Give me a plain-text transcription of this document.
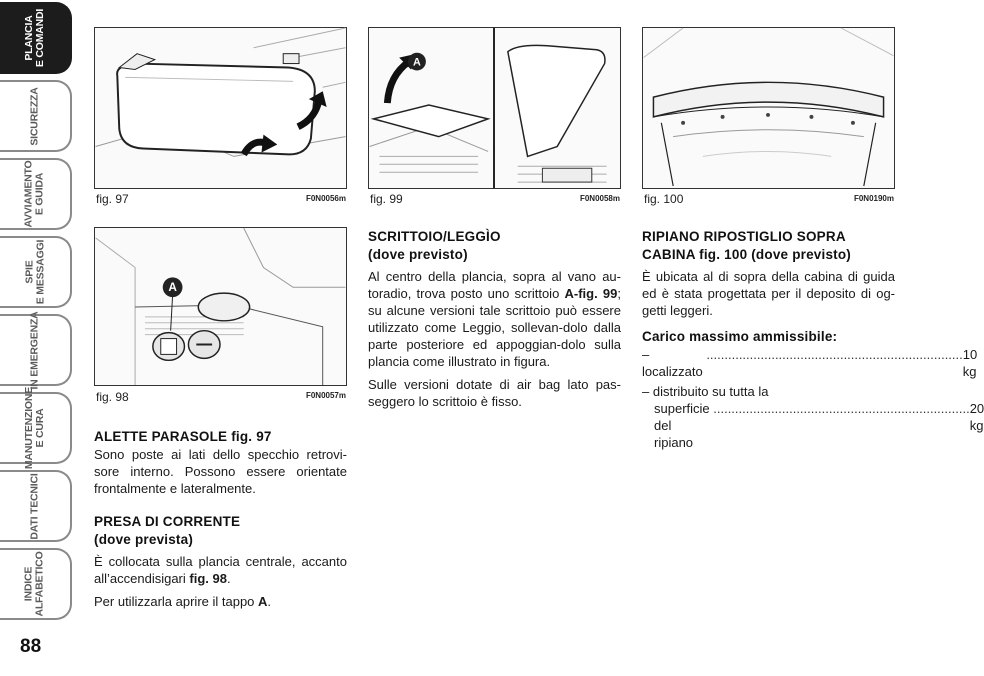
PLANCIA
E COMANDI
SICUREZZA
AVVIAMENTO
E GUIDA
SPIE
E MESSAGGI
IN EMERGENZA
MANUTENZIONE
E CURA
DATI TECNICI
INDICE
ALFABETICO
88
fig. 97	F0N0056m
A
fig. 98	F0N0057m
A
fig. 99	F0N0058m fig. 100	F0N0190m
ALETTE PARASOLE fig. 97
Sono poste ai lati dello specchio retrovi-sore interno. Possono essere orientate frontalmente e lateralmente.
PRESA DI CORRENTE
(dove prevista)
È collocata sulla plancia centrale, accanto all’accendisigari fig. 98.
Per utilizzarla aprire il tappo A.
SCRITTOIO/LEGGÌO
(dove previsto)
Al centro della plancia, sopra al vano au-toradio, trova posto uno scrittoio A-fig. 99; su alcune versioni tale scrittoio può essere utilizzato come Leggio, sollevan-dolo dalla parte posteriore ed appoggian-dolo sulla plancia come illustrato in figura.
Sulle versioni dotate di air bag lato pas-seggero lo scrittoio è fisso.
RIPIANO RIPOSTIGLIO SOPRA CABINA fig. 100 (dove previsto)
È ubicata al di sopra della cabina di guida ed è stata progettata per il deposito di og-getti leggeri.
Carico massimo ammissibile:
– localizzato
....................................................................... 10 kg
– distribuito su tutta la
superficie del ripiano
....................................................................... 20 kg
